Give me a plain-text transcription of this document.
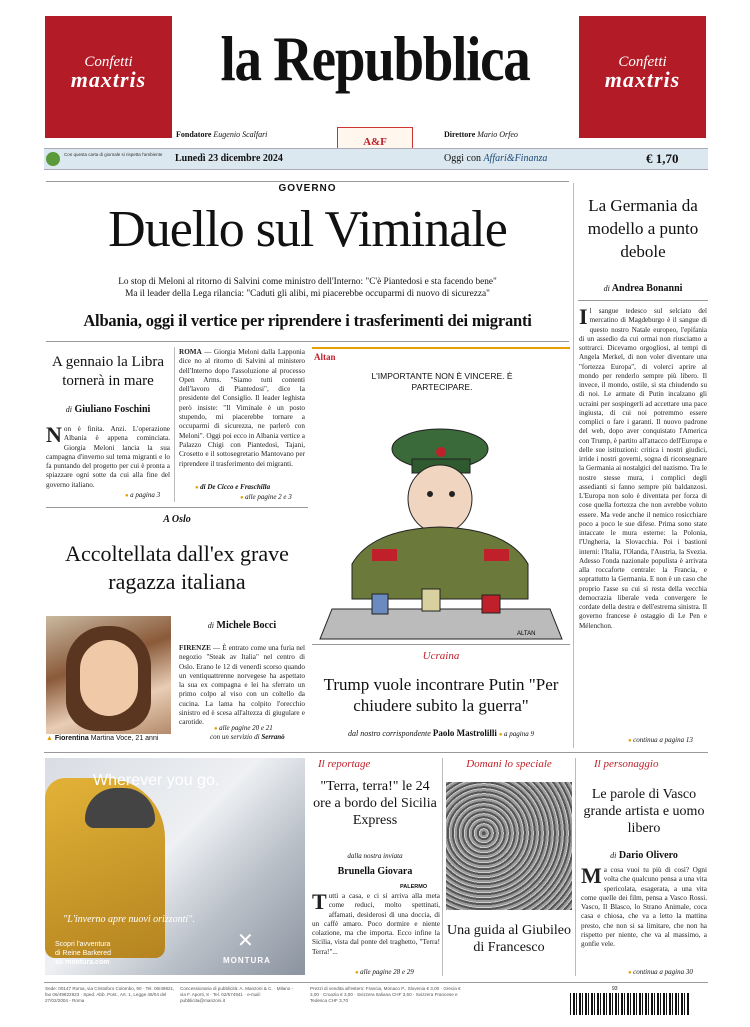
Confetti
maxtris
Confetti
maxtris
la Repubblica
Fondatore Eugenio Scalfari	Direttore Mario Orfeo
A&F
Con questa carta di giornale si rispetta l'ambiente	Lunedì 23 dicembre 2024	Oggi con Affari&Finanza	€ 1,70
GOVERNO
Duello sul Viminale
Lo stop di Meloni al ritorno di Salvini come ministro dell'Interno: "C'è Piantedosi e sta facendo bene"
Ma il leader della Lega rilancia: "Caduti gli alibi, mi piacerebbe occuparmi di nuovo di sicurezza"
Albania, oggi il vertice per riprendere i trasferimenti dei migranti
A gennaio la Libra tornerà in mare
di Giuliano Foschini
Non è finita. Anzi. L'operazione Albania è appena cominciata. Giorgia Meloni lancia la sua campagna d'inverno sul tema migranti e lo fa puntando del progetto per cui è pronta a spiazzare ogni sotte da cui alla fine del governo italiano.
● a pagina 3
ROMA — Giorgia Meloni dalla Lapponia dice no al ritorno di Salvini al ministero dell'Interno dopo l'assoluzione al processo Open Arms. "Siamo tutti contenti dell'lavoro di Piantedosi", dice la presidente del Consiglio. Il leader leghista però insiste: "Il Viminale è un posto stupendo, mi piacerebbe tornare a occuparmi di sicurezza, ne parlerò con Meloni". Oggi poi ecco in Albania vertice a Palazzo Chigi con Piantedosi, Tajani, Crosetto e il sottosegretario Mantovano per riprendere il trasferimento dei migranti.
● di De Cicco e Fraschilla
● alle pagine 2 e 3
A Oslo
Accoltellata dall'ex grave ragazza italiana
▲ Fiorentina Martina Voce, 21 anni
di Michele Bocci
FIRENZE — È entrato come una furia nel negozio "Steak av Italia" nel centro di Oslo. Erano le 12 di venerdì scorso quando un ventiquattrenne norvegese ha aspettato la sua ex compagna e lei ha sferrato un primo colpo al viso con un coltello da cucina. La lama ha colpito l'orecchio sinistro ed è scesa all'altezza di giugulare e carotide.
● alle pagine 20 e 21
con un servizio di Serranò
Altan
L'IMPORTANTE NON È VINCERE. È PARTECIPARE.
ALTAN
Ucraina
Trump vuole incontrare Putin "Per chiudere subito la guerra"
dal nostro corrispondente Paolo Mastrolilli ● a pagina 9
La Germania da modello a punto debole
di Andrea Bonanni
Il sangue tedesco sul selciato del mercatino di Magdeburgo è il sangue di questo nostro Natale europeo, l'epifania di un assedio da cui ormai non riusciamo a sottrarci. Dicevamo orgogliosi, al tempi di Angela Merkel, di non voler diventare una "fortezza Europa", di volerci aprire al mondo per renderlo sempre più libero. Il invece, il mondo, ostile, si sta chiudendo su di noi. Le armate di Putin incalzano gli ucraini per sospingerli ad accettare una pace ingiusta, di cui noi potremmo essere complici o fare i garanti. Il nuovo padrone del web, dopo aver conquistato l'America con Trump, è partito all'attacco dell'Europa e delle sue istituzioni: critica i nostri giudici, irride i nostri governi, sogna di riconsegnare la Germania ai nostalgici del nazismo. Tra le nostre stesse mura, i complici degli assedianti si fanno sempre più baldanzosi. L'Europa non solo è diventata per forza di cose quella fortezza che non avrebbe voluto essere. Ma vede anche il nemico rosicchiare poco a poco le sue difese. Prima sono state intaccate le mura esterne: la Polonia, l'Ungheria, la Slovacchia. Poi i bastioni interni: l'Italia, l'Olanda, l'Austria, la Svezia. Adesso l'onda nazionale populista è arrivata alla roccaforte centrale: la Francia, e soprattutto la Germania. E non è un caso che proprio l'asse su cui si resta della vecchia democrazia liberale veda convergere le cordate della destra e dell'estrema sinistra. Il governo francese è ostaggio di Le Pen e Mélenchon.
● continua a pagina 13
Wherever you go.
"L'inverno apre nuovi orizzonti".
Scopri l'avventura
di Reine Barkered
su montura.com
✕
MONTURA
Il reportage
"Terra, terra!" le 24 ore a bordo del Sicilia Express
dalla nostra inviata
Brunella Giovara
PALERMO
Tutti a casa, e ci si arriva alla meta come reduci, molto spettinati, affamati, desiderosi di una doccia, di un caffè amaro. Poco dormire e niente colazione, ma che importa. Ecco infine la Sicilia, vista dal ponte del traghetto, "Terra! Terra!"...
● alle pagine 28 e 29
Domani lo speciale
Una guida al Giubileo di Francesco
Il personaggio
Le parole di Vasco grande artista e uomo libero
di Dario Olivero
Ma cosa vuoi tu più di così? Ogni volta che qualcuno pensa a una vita spericolata, esagerata, a una vita come quelle dei film, pensa a Vasco Rossi. Vasco, Il Blasco, lo Strano Animale, coca casa e chiosa, che va a letto la mattina presto, che non si sa limitare, che non ha rispetto per niente, che va al massimo, a gonfie vele.
● continua a pagina 30
Sede: 00147 Roma, via Cristoforo Colombo, 90 · Tel. 06/49821, fax 06/49822923 · Sped. Abb. Post., Art. 1, Legge 46/04 del 27/02/2004 - Roma
Concessionaria di pubblicità: A. Manzoni & C. · Milano - via F. Aporti, 8 · Tel. 02/574941 · e-mail: pubblicita@manzoni.it
Prezzi di vendita all'estero: Francia, Monaco P., Slovenia € 3,00 · Grecia € 3,00 · Croazia € 3,00 · Svizzera Italiana CHF 3,50 · Svizzera Francese e Tedesca CHF 3,70
93
